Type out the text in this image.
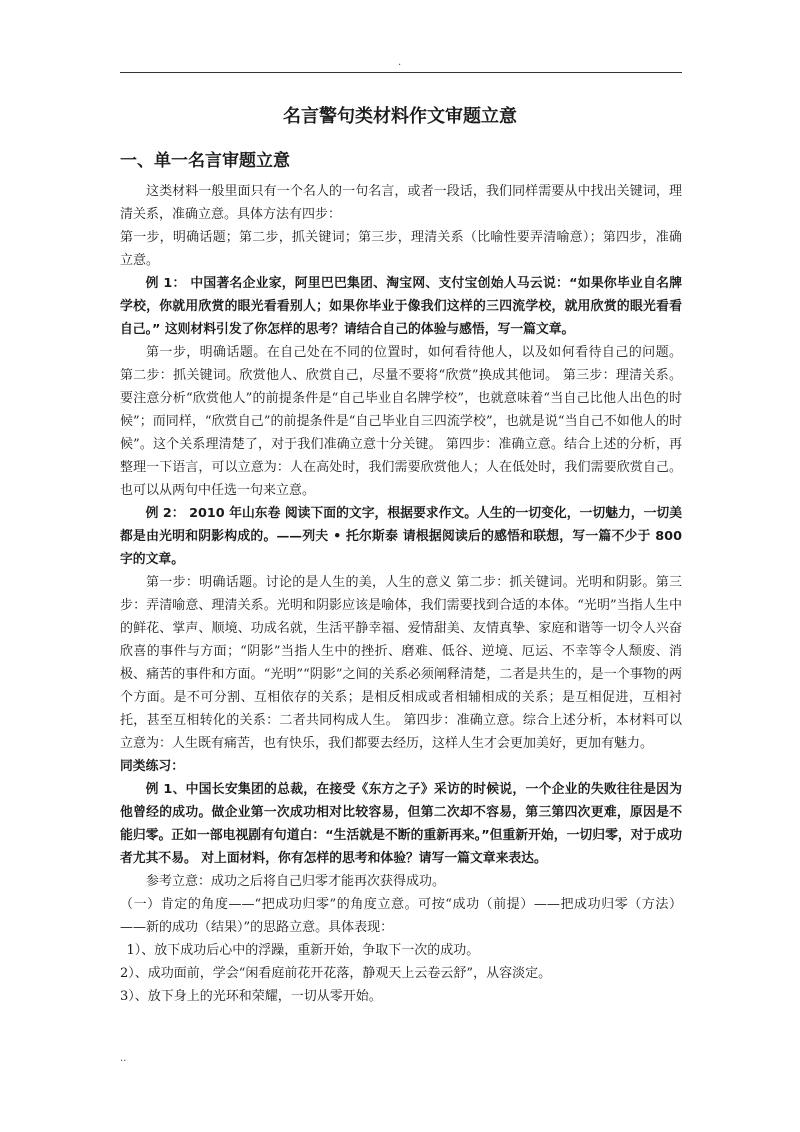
.
名言警句类材料作文审题立意
一、单一名言审题立意

这类材料一般里面只有一个名人的一句名言，或者一段话，我们同样需要从中找出关键词，理清关系，准确立意。具体方法有四步：

第一步，明确话题；第二步，抓关键词；第三步，理清关系（比喻性要弄清喻意）；第四步，准确立意。

例 1： 中国著名企业家，阿里巴巴集团、淘宝网、支付宝创始人马云说：“如果你毕业自名牌学校，你就用欣赏的眼光看看别人；如果你毕业于像我们这样的三四流学校，就用欣赏的眼光看看自己。” 这则材料引发了你怎样的思考？请结合自己的体验与感悟，写一篇文章。

第一步，明确话题。在自己处在不同的位置时，如何看待他人，以及如何看待自己的问题。 第二步：抓关键词。欣赏他人、欣赏自己，尽量不要将“欣赏”换成其他词。 第三步：理清关系。要注意分析“欣赏他人”的前提条件是“自己毕业自名牌学校”，也就意味着“当自己比他人出色的时候”；而同样，“欣赏自己”的前提条件是“自己毕业自三四流学校”，也就是说“当自己不如他人的时候”。这个关系理清楚了，对于我们准确立意十分关键。 第四步：准确立意。结合上述的分析，再整理一下语言，可以立意为：人在高处时，我们需要欣赏他人；人在低处时，我们需要欣赏自己。也可以从两句中任选一句来立意。

例 2： 2010 年山东卷 阅读下面的文字，根据要求作文。人生的一切变化，一切魅力，一切美都是由光明和阴影构成的。——列夫 • 托尔斯泰 请根据阅读后的感悟和联想，写一篇不少于 800 字的文章。

第一步：明确话题。讨论的是人生的美，人生的意义 第二步：抓关键词。光明和阴影。第三步：弄清喻意、理清关系。光明和阴影应该是喻体，我们需要找到合适的本体。“光明”当指人生中的鲜花、掌声、顺境、功成名就，生活平静幸福、爱情甜美、友情真挚、家庭和谐等一切令人兴奋欣喜的事件与方面；“阴影”当指人生中的挫折、磨难、低谷、逆境、厄运、不幸等令人颓废、消极、痛苦的事件和方面。“光明”“阴影”之间的关系必须阐释清楚，二者是共生的，是一个事物的两个方面。是不可分割、互相依存的关系；是相反相成或者相辅相成的关系；是互相促进，互相衬托，甚至互相转化的关系：二者共同构成人生。 第四步：准确立意。综合上述分析，本材料可以立意为：人生既有痛苦，也有快乐，我们都要去经历，这样人生才会更加美好，更加有魅力。

同类练习：

例 1、中国长安集团的总裁，在接受《东方之子》采访的时候说，一个企业的失败往往是因为他曾经的成功。做企业第一次成功相对比较容易，但第二次却不容易，第三第四次更难，原因是不能归零。正如一部电视剧有句道白：“生活就是不断的重新再来。”但重新开始，一切归零，对于成功者尤其不易。 对上面材料，你有怎样的思考和体验？请写一篇文章来表达。

参考立意：成功之后将自己归零才能再次获得成功。

（一）肯定的角度——“把成功归零”的角度立意。可按“成功（前提）——把成功归零（方法）——新的成功（结果）”的思路立意。具体表现：

1）、放下成功后心中的浮躁，重新开始，争取下一次的成功。

2）、成功面前，学会“闲看庭前花开花落，静观天上云卷云舒”，从容淡定。

3）、放下身上的光环和荣耀，一切从零开始。

..
